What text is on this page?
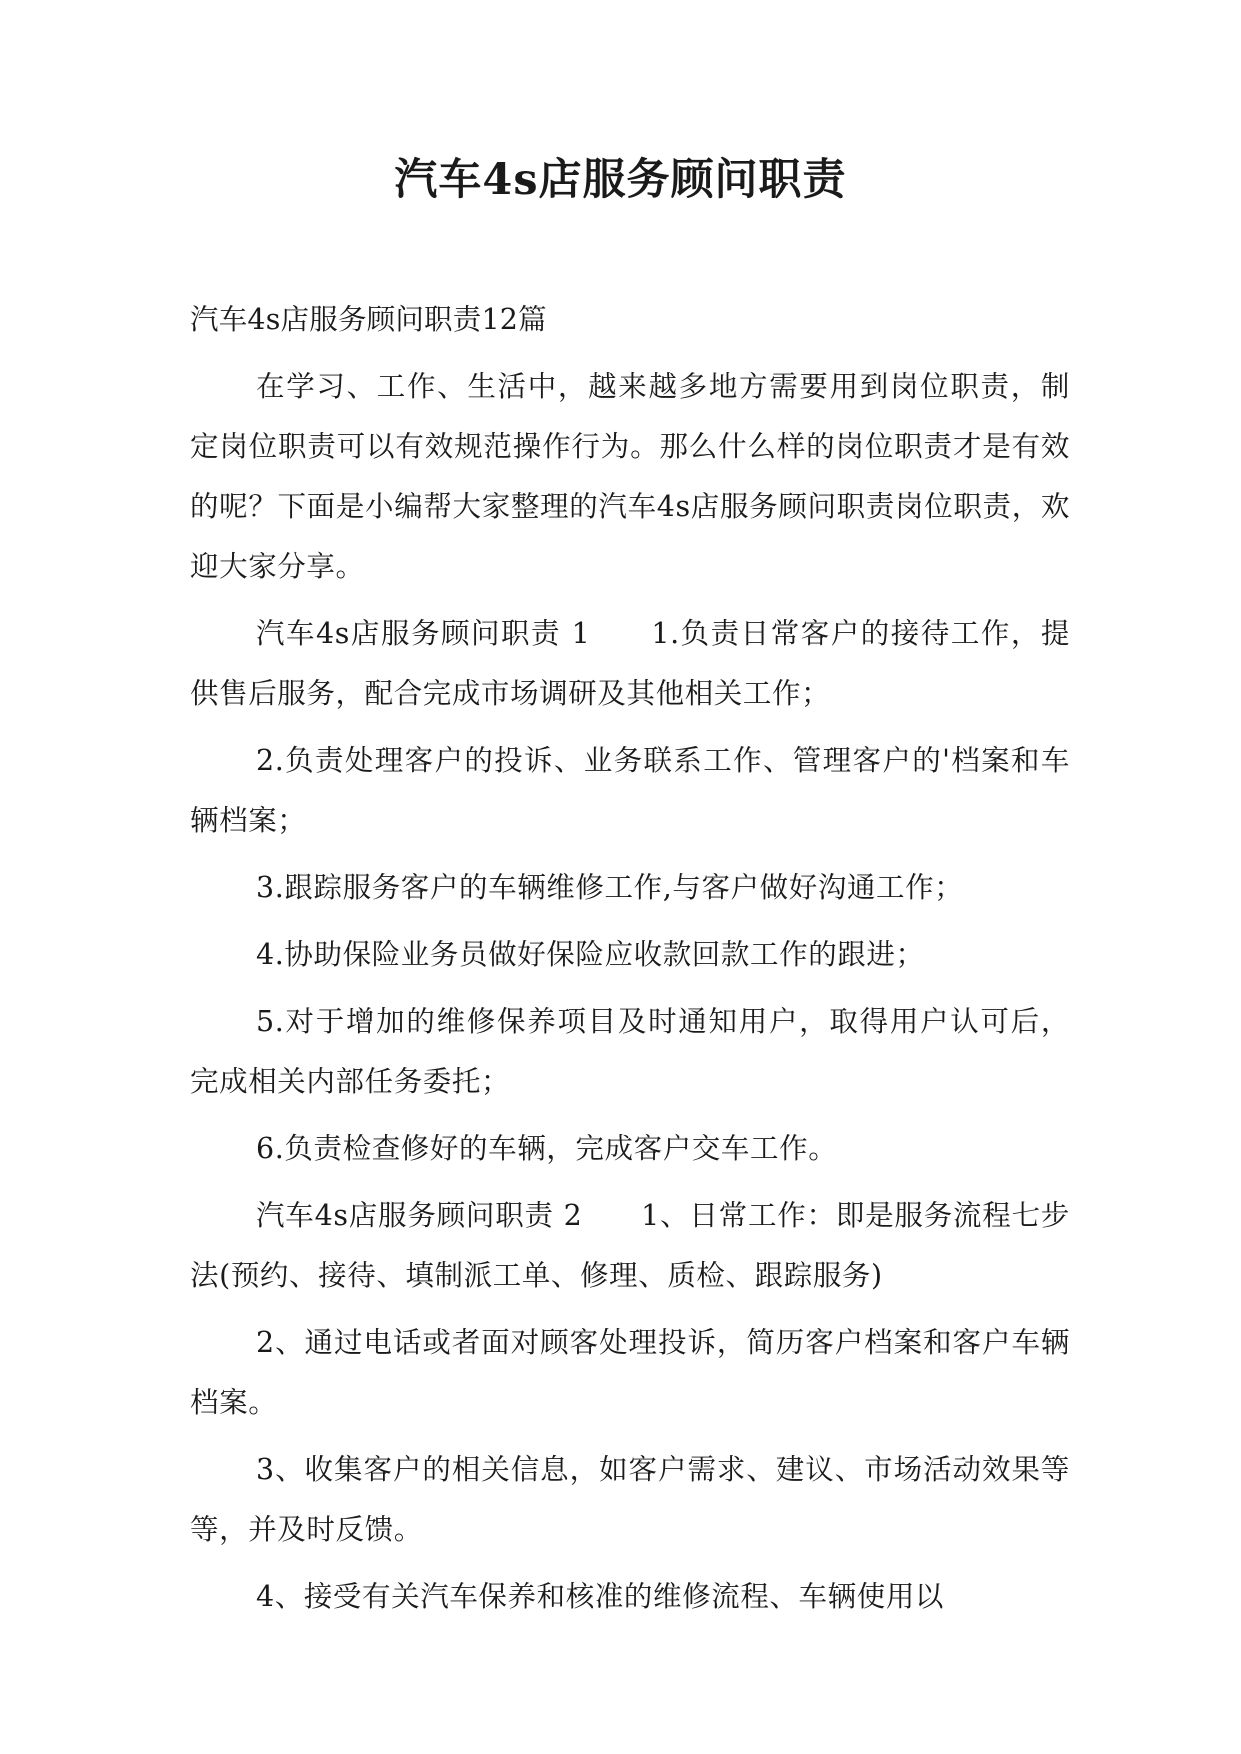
汽车4s店服务顾问职责

汽车4s店服务顾问职责12篇

在学习、工作、生活中，越来越多地方需要用到岗位职责，制定岗位职责可以有效规范操作行为。那么什么样的岗位职责才是有效的呢？下面是小编帮大家整理的汽车4s店服务顾问职责岗位职责，欢迎大家分享。

汽车4s店服务顾问职责 1　　1.负责日常客户的接待工作，提供售后服务，配合完成市场调研及其他相关工作；

2.负责处理客户的投诉、业务联系工作、管理客户的'档案和车辆档案；

3.跟踪服务客户的车辆维修工作,与客户做好沟通工作；

4.协助保险业务员做好保险应收款回款工作的跟进；

5.对于增加的维修保养项目及时通知用户，取得用户认可后，完成相关内部任务委托；

6.负责检查修好的车辆，完成客户交车工作。

汽车4s店服务顾问职责 2　　1、日常工作：即是服务流程七步法(预约、接待、填制派工单、修理、质检、跟踪服务)

2、通过电话或者面对顾客处理投诉，简历客户档案和客户车辆档案。

3、收集客户的相关信息，如客户需求、建议、市场活动效果等等，并及时反馈。

4、接受有关汽车保养和核准的维修流程、车辆使用以
